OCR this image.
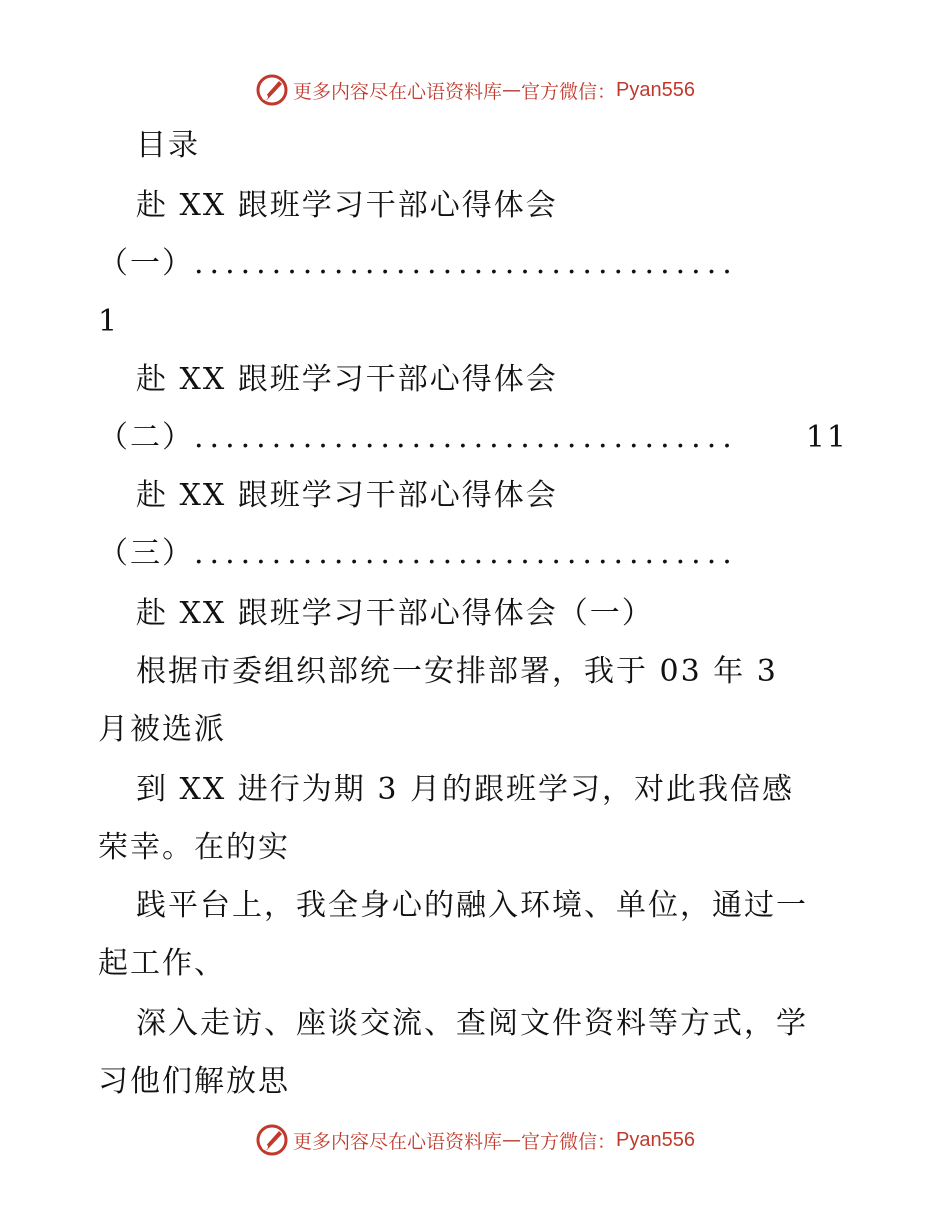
更多内容尽在心语资料库 — 官方微信： Pyan556
目录
赴 XX 跟班学习干部心得体会
（一） ...................................
1
赴 XX 跟班学习干部心得体会
（二） ...................................	11
赴 XX 跟班学习干部心得体会
（三） ...................................
赴 XX 跟班学习干部心得体会（一）
根据市委组织部统一安排部署，我于 03 年 3
月被选派
到 XX 进行为期 3 月的跟班学习，对此我倍感
荣幸。在的实
践平台上，我全身心的融入环境、单位，通过一
起工作、
深入走访、座谈交流、查阅文件资料等方式，学
习他们解放思
更多内容尽在心语资料库 — 官方微信： Pyan556
